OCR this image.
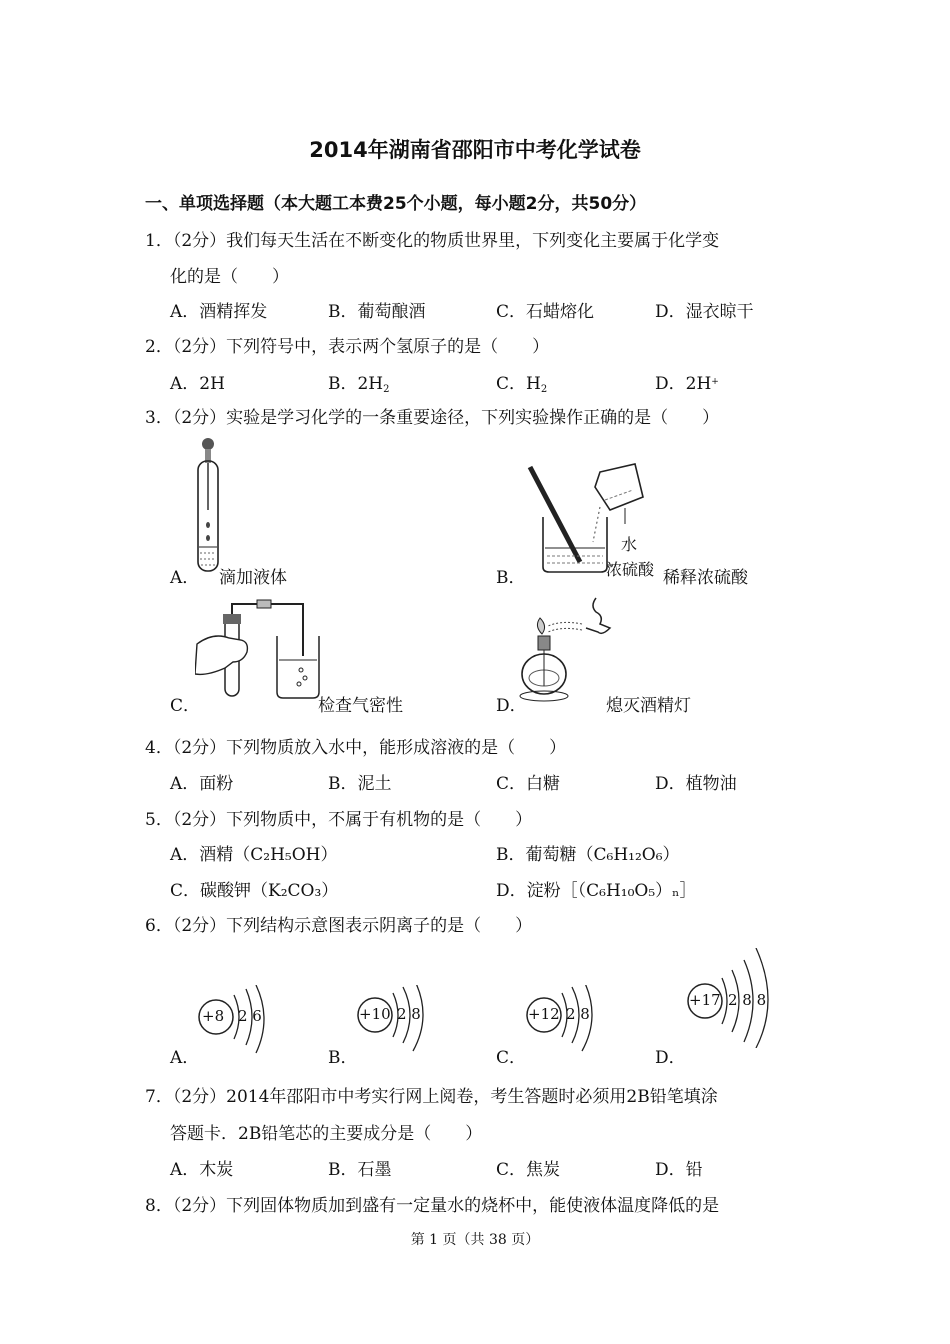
2014年湖南省邵阳市中考化学试卷
一、单项选择题（本大题工本费25个小题，每小题2分，共50分）
1．（2分）我们每天生活在不断变化的物质世界里，下列变化主要属于化学变
化的是（　　）
A．酒精挥发	B．葡萄酿酒	C．石蜡熔化	D．湿衣晾干
2．（2分）下列符号中，表示两个氢原子的是（　　）
A．2H	B．$2H_2$	C．$H_2$	D．2H+
3．（2分）实验是学习化学的一条重要途径，下列实验操作正确的是（　　）
A． 滴加液体
水
浓硫酸
B．	稀释浓硫酸
C．	检查气密性	D．	熄灭酒精灯
4．（2分）下列物质放入水中，能形成溶液的是（　　）
A．面粉	B．泥土	C．白糖	D．植物油
5．（2分）下列物质中，不属于有机物的是（　　）
A．酒精（C₂H₅OH）	B．葡萄糖（C₆H₁₂O₆）
C．碳酸钾（K₂CO₃）	D．淀粉［（C₆H₁₀O₅）ₙ］
6．（2分）下列结构示意图表示阴离子的是（　　）
+8 2 6	+10 2 8	+12 2 8
+17 2 8 8
A．	B．	C．	D．
7．（2分）2014年邵阳市中考实行网上阅卷，考生答题时必须用2B铅笔填涂
答题卡．2B铅笔芯的主要成分是（　　）
A．木炭	B．石墨	C．焦炭	D．铅
8．（2分）下列固体物质加到盛有一定量水的烧杯中，能使液体温度降低的是
第 1 页（共 38 页）
